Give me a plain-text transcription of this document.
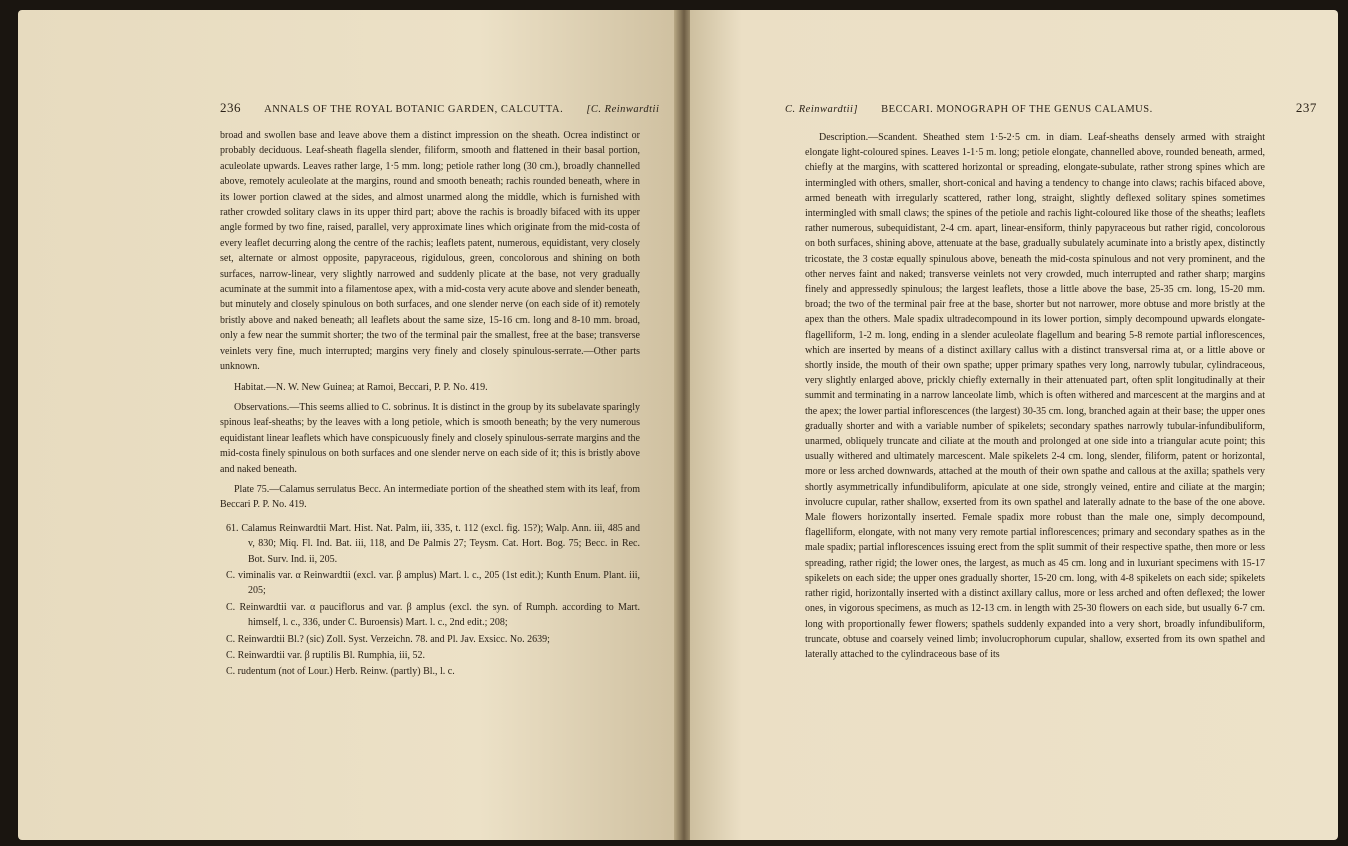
236 ANNALS OF THE ROYAL BOTANIC GARDEN, CALCUTTA. [C. Reinwardtii

broad and swollen base and leave above them a distinct impression on the sheath. Ocrea indistinct or probably deciduous. Leaf-sheath flagella slender, filiform, smooth and flattened in their basal portion, aculeolate upwards. Leaves rather large, 1·5 mm. long; petiole rather long (30 cm.), broadly channelled above, remotely aculeolate at the margins, round and smooth beneath; rachis rounded beneath, where in its lower portion clawed at the sides, and almost unarmed along the middle, which is furnished with rather crowded solitary claws in its upper third part; above the rachis is broadly bifaced with its upper angle formed by two fine, raised, parallel, very approximate lines which originate from the mid-costa of every leaflet decurring along the centre of the rachis; leaflets patent, numerous, equidistant, very closely set, alternate or almost opposite, papyraceous, rigidulous, green, concolorous and shining on both surfaces, narrow-linear, very slightly narrowed and suddenly plicate at the base, not very gradually acuminate at the summit into a filamentose apex, with a mid-costa very acute above and slender beneath, but minutely and closely spinulous on both surfaces, and one slender nerve (on each side of it) remotely bristly above and naked beneath; all leaflets about the same size, 15-16 cm. long and 8-10 mm. broad, only a few near the summit shorter; the two of the terminal pair the smallest, free at the base; transverse veinlets very fine, much interrupted; margins very finely and closely spinulous-serrate.—Other parts unknown.

Habitat.—N. W. New Guinea; at Ramoi, Beccari, P. P. No. 419.

Observations.—This seems allied to C. sobrinus. It is distinct in the group by its subelavate sparingly spinous leaf-sheaths; by the leaves with a long petiole, which is smooth beneath; by the very numerous equidistant linear leaflets which have conspicuously finely and closely spinulous-serrate margins and the mid-costa finely spinulous on both surfaces and one slender nerve on each side of it; this is bristly above and naked beneath.

Plate 75.—Calamus serrulatus Becc. An intermediate portion of the sheathed stem with its leaf, from Beccari P. P. No. 419.

61. Calamus Reinwardtii Mart. Hist. Nat. Palm, iii, 335, t. 112 (excl. fig. 15?); Walp. Ann. iii, 485 and v, 830; Miq. Fl. Ind. Bat. iii, 118, and De Palmis 27; Teysm. Cat. Hort. Bog. 75; Becc. in Rec. Bot. Surv. Ind. ii, 205.

C. viminalis var. α Reinwardtii (excl. var. β amplus) Mart. l. c., 205 (1st edit.); Kunth Enum. Plant. iii, 205;

C. Reinwardtii var. α pauciflorus and var. β amplus (excl. the syn. of Rumph. according to Mart. himself, l. c., 336, under C. Buroensis) Mart. l. c., 2nd edit.; 208;

C. Reinwardtii Bl.? (sic) Zoll. Syst. Verzeichn. 78. and Pl. Jav. Exsicc. No. 2639;

C. Reinwardtii var. β ruptilis Bl. Rumphia, iii, 52.

C. rudentum (not of Lour.) Herb. Reinw. (partly) Bl., l. c.

C. Reinwardtii] BECCARI. MONOGRAPH OF THE GENUS CALAMUS.	237

Description.—Scandent. Sheathed stem 1·5-2·5 cm. in diam. Leaf-sheaths densely armed with straight elongate light-coloured spines. Leaves 1-1·5 m. long; petiole elongate, channelled above, rounded beneath, armed, chiefly at the margins, with scattered horizontal or spreading, elongate-subulate, rather strong spines which are intermingled with others, smaller, short-conical and having a tendency to change into claws; rachis bifaced above, armed beneath with irregularly scattered, rather long, straight, slightly deflexed solitary spines sometimes intermingled with small claws; the spines of the petiole and rachis light-coloured like those of the sheaths; leaflets rather numerous, subequidistant, 2-4 cm. apart, linear-ensiform, thinly papyraceous but rather rigid, concolorous on both surfaces, shining above, attenuate at the base, gradually subulately acuminate into a bristly apex, distinctly tricostate, the 3 costæ equally spinulous above, beneath the mid-costa spinulous and not very prominent, and the other nerves faint and naked; transverse veinlets not very crowded, much interrupted and rather sharp; margins finely and appressedly spinulous; the largest leaflets, those a little above the base, 25-35 cm. long, 15-20 mm. broad; the two of the terminal pair free at the base, shorter but not narrower, more obtuse and more bristly at the apex than the others. Male spadix ultradecompound in its lower portion, simply decompound upwards elongate-flagelliform, 1-2 m. long, ending in a slender aculeolate flagellum and bearing 5-8 remote partial inflorescences, which are inserted by means of a distinct axillary callus with a distinct transversal rima at, or a little above or shortly inside, the mouth of their own spathe; upper primary spathes very long, narrowly tubular, cylindraceous, very slightly enlarged above, prickly chiefly externally in their attenuated part, often split longitudinally at their summit and terminating in a narrow lanceolate limb, which is often withered and marcescent at the margins and at the apex; the lower partial inflorescences (the largest) 30-35 cm. long, branched again at their base; the upper ones gradually shorter and with a variable number of spikelets; secondary spathes narrowly tubular-infundibuliform, unarmed, obliquely truncate and ciliate at the mouth and prolonged at one side into a triangular acute point; this usually withered and ultimately marcescent. Male spikelets 2-4 cm. long, slender, filiform, patent or horizontal, more or less arched downwards, attached at the mouth of their own spathe and callous at the axilla; spathels very shortly asymmetrically infundibuliform, apiculate at one side, strongly veined, entire and ciliate at the margin; involucre cupular, rather shallow, exserted from its own spathel and laterally adnate to the base of the one above. Male flowers horizontally inserted. Female spadix more robust than the male one, simply decompound, flagelliform, elongate, with not many very remote partial inflorescences; primary and secondary spathes as in the male spadix; partial inflorescences issuing erect from the split summit of their respective spathe, then more or less spreading, rather rigid; the lower ones, the largest, as much as 45 cm. long and in luxuriant specimens with 15-17 spikelets on each side; the upper ones gradually shorter, 15-20 cm. long, with 4-8 spikelets on each side; spikelets rather rigid, horizontally inserted with a distinct axillary callus, more or less arched and often deflexed; the lower ones, in vigorous specimens, as much as 12-13 cm. in length with 25-30 flowers on each side, but usually 6-7 cm. long with proportionally fewer flowers; spathels suddenly expanded into a very short, broadly infundibuliform, truncate, obtuse and coarsely veined limb; involucrophorum cupular, shallow, exserted from its own spathel and laterally attached to the cylindraceous base of its
